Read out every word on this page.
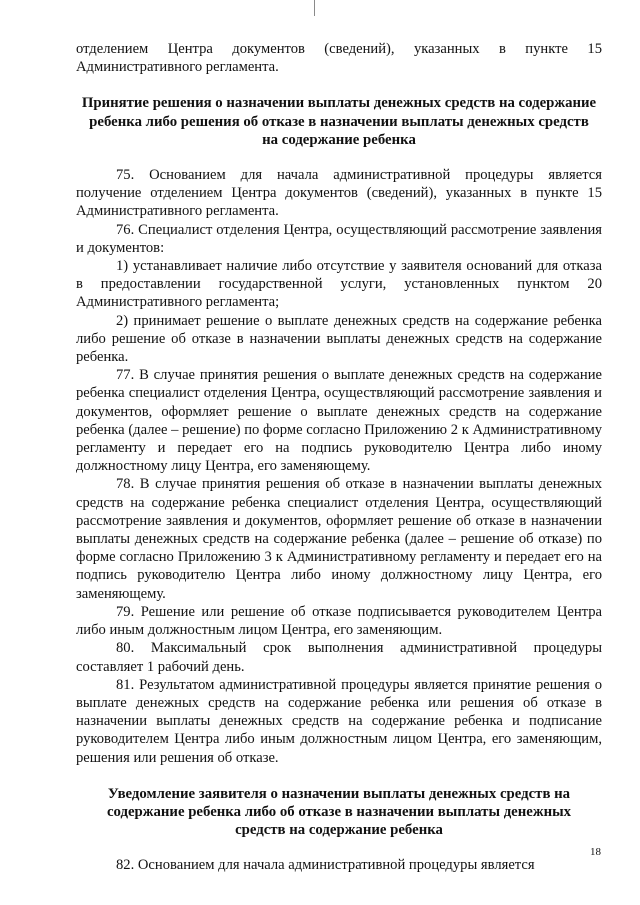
отделением Центра документов (сведений), указанных в пункте 15 Административного регламента.

Принятие решения о назначении выплаты денежных средств на содержание ребенка либо решения об отказе в назначении выплаты денежных средств на содержание ребенка

75. Основанием для начала административной процедуры является получение отделением Центра документов (сведений), указанных в пункте 15 Административного регламента.

76. Специалист отделения Центра, осуществляющий рассмотрение заявления и документов:

1) устанавливает наличие либо отсутствие у заявителя оснований для отказа в предоставлении государственной услуги, установленных пунктом 20 Административного регламента;

2) принимает решение о выплате денежных средств на содержание ребенка либо решение об отказе в назначении выплаты денежных средств на содержание ребенка.

77. В случае принятия решения о выплате денежных средств на содержание ребенка специалист отделения Центра, осуществляющий рассмотрение заявления и документов, оформляет решение о выплате денежных средств на содержание ребенка (далее – решение) по форме согласно Приложению 2 к Административному регламенту и передает его на подпись руководителю Центра либо иному должностному лицу Центра, его заменяющему.

78. В случае принятия решения об отказе в назначении выплаты денежных средств на содержание ребенка специалист отделения Центра, осуществляющий рассмотрение заявления и документов, оформляет решение об отказе в назначении выплаты денежных средств на содержание ребенка (далее – решение об отказе) по форме согласно Приложению 3 к Административному регламенту и передает его на подпись руководителю Центра либо иному должностному лицу Центра, его заменяющему.

79. Решение или решение об отказе подписывается руководителем Центра либо иным должностным лицом Центра, его заменяющим.

80. Максимальный срок выполнения административной процедуры составляет 1 рабочий день.

81. Результатом административной процедуры является принятие решения о выплате денежных средств на содержание ребенка или решения об отказе в назначении выплаты денежных средств на содержание ребенка и подписание руководителем Центра либо иным должностным лицом Центра, его заменяющим, решения или решения об отказе.

Уведомление заявителя о назначении выплаты денежных средств на содержание ребенка либо об отказе в назначении выплаты денежных средств на содержание ребенка

82. Основанием для начала административной процедуры является

18
